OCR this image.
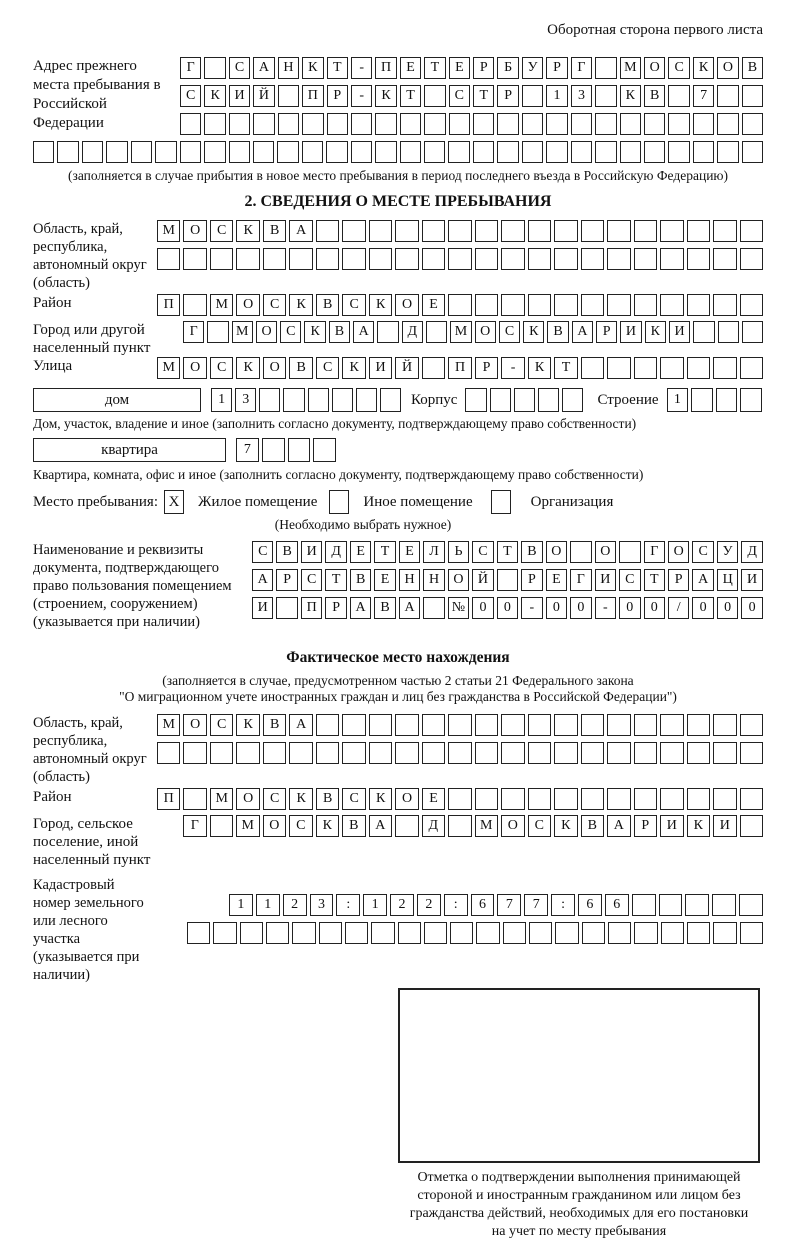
Оборотная сторона первого листа
Адрес прежнего места пребывания в Российской Федерации
Г	С	А	Н	К	Т	-	П	Е	Т	Е	Р	Б	У	Р	Г	М О	С	К	О	В
С	К	И	Й	П	Р	-	К	Т	С	Т	Р	1	3	К	В	7
(заполняется в случае прибытия в новое место пребывания в период последнего въезда в Российскую Федерацию)
2. СВЕДЕНИЯ О МЕСТЕ ПРЕБЫВАНИЯ
Область, край, республика, автономный округ (область)
М	О	С	К	В	А
Район	П	М	О	С	К	В	С	К	О	Е
Город или другой населенный пункт
Г	М О	С	К	В	А	Д	М О	С	К	В	А	Р	И	К	И
Улица	М	О	С	К	О	В	С	К	И	Й	П	Р	-	К	Т
дом	1	3	Корпус	Строение	1
Дом, участок, владение и иное (заполнить согласно документу, подтверждающему право собственности)
квартира	7
Квартира, комната, офис и иное (заполнить согласно документу, подтверждающему право собственности)
Место пребывания: X	Жилое помещение	Иное помещение	Организация
(Необходимо выбрать нужное)
Наименование и реквизиты документа, подтверждающего право пользования помещением (строением, сооружением) (указывается при наличии)
С	В	И	Д	Е	Т	Е	Л	Ь	С	Т	В	О	О	Г	О	С	У	Д
А	Р	С	Т	В	Е	Н	Н	О	Й	Р	Е	Г	И	С	Т	Р	А	Ц	И
И	П	Р	А	В	А	№	0	0	-	0	0	-	0	0	/	0	0	0
Фактическое место нахождения
(заполняется в случае, предусмотренном частью 2 статьи 21 Федерального закона
"О миграционном учете иностранных граждан и лиц без гражданства в Российской Федерации")
Область, край, республика, автономный округ (область)
М	О	С	К	В	А
Район	П	М	О	С	К	В	С	К	О	Е
Город, сельское поселение, иной населенный пункт
Г	М	О	С	К	В	А	Д	М	О	С	К	В	А	Р	И	К	И
Кадастровый номер земельного или лесного участка (указывается при наличии)
1	1	2	3	:	1	2	2	:	6	7	7	:	6	6
Отметка о подтверждении выполнения принимающей
стороной и иностранным гражданином или лицом без
гражданства действий, необходимых для его постановки
на учет по месту пребывания
